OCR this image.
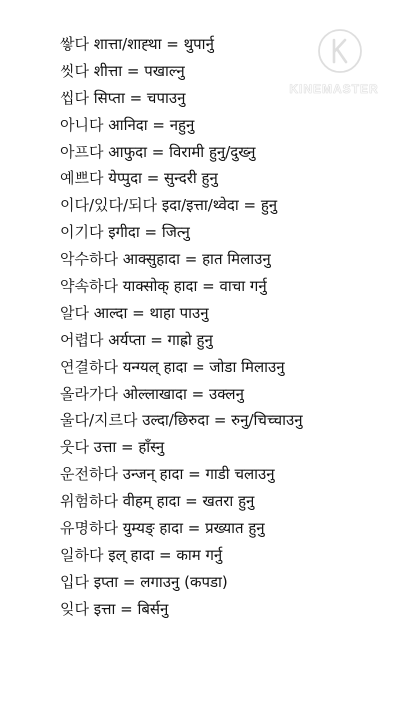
KINEMASTER
쌓다 शात्ता/शाह्था = थुपार्नु
씻다 शीत्ता = पखाल्नु
씹다 सिप्ता = चपाउनु
아니다 आनिदा = नहुनु
아프다 आफुदा = विरामी हुनु/दुख्नु
예쁘다 येप्पुदा = सुन्दरी हुनु
이다/있다/되다 इदा/इत्ता/थ्वेदा = हुनु
이기다 इगीदा = जित्नु
악수하다 आक्सुहादा = हात मिलाउनु
약속하다 याक्सोक् हादा = वाचा गर्नु
알다 आल्दा = थाहा पाउनु
어렵다 अर्यप्ता = गाह्रो हुनु
연결하다 यन्ग्यल् हादा = जोडा मिलाउनु
올라가다 ओल्लाखादा = उक्लनु
울다/지르다 उल्दा/छिरुदा = रुनु/चिच्चाउनु
웃다 उत्ता = हाँस्नु
운전하다 उन्जन् हादा = गाडी चलाउनु
위험하다 वीहम् हादा = खतरा हुनु
유명하다 युम्यङ् हादा = प्रख्यात हुनु
일하다 इल् हादा = काम गर्नु
입다 इप्ता = लगाउनु (कपडा)
잊다 इत्ता = बिर्सनु
